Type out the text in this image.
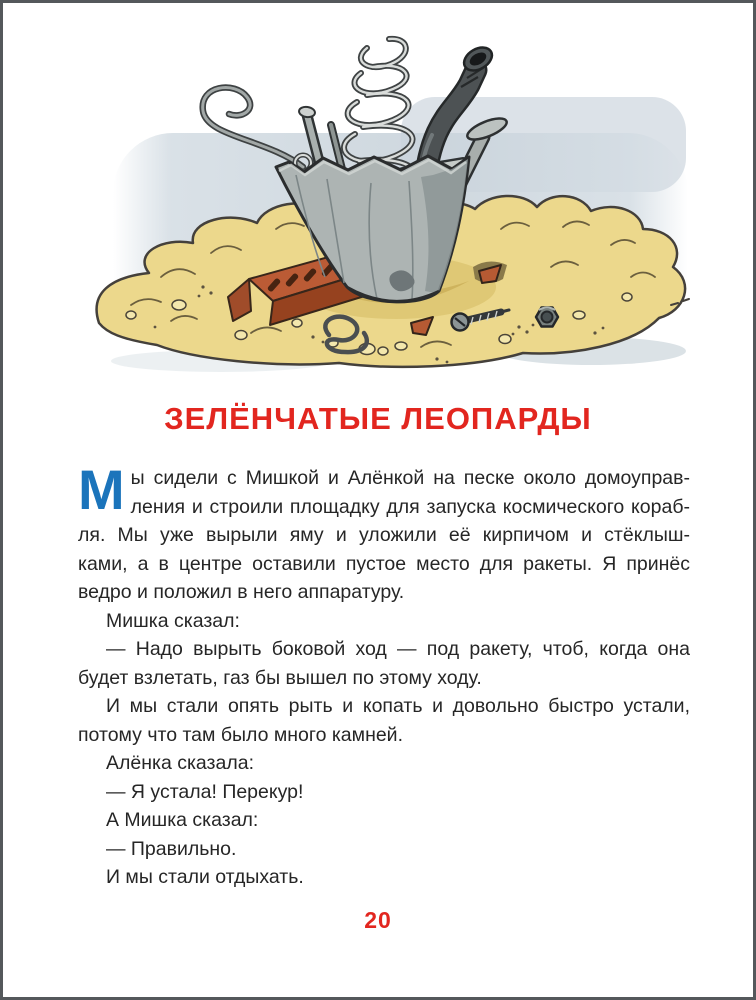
ЗЕЛЁНЧАТЫЕ ЛЕОПАРДЫ
М ы сидели с Мишкой и Алёнкой на песке около домоуправ-
ления и строили площадку для запуска космического кораб-
ля. Мы уже вырыли яму и уложили её кирпичом и стёклыш-
ками, а в центре оставили пустое место для ракеты. Я принёс
ведро и положил в него аппаратуру.
Мишка сказал:
— Надо вырыть боковой ход — под ракету, чтоб, когда она
будет взлетать, газ бы вышел по этому ходу.
И мы стали опять рыть и копать и довольно быстро устали,
потому что там было много камней.
Алёнка сказала:
— Я устала! Перекур!
А Мишка сказал:
— Правильно.
И мы стали отдыхать.
20
